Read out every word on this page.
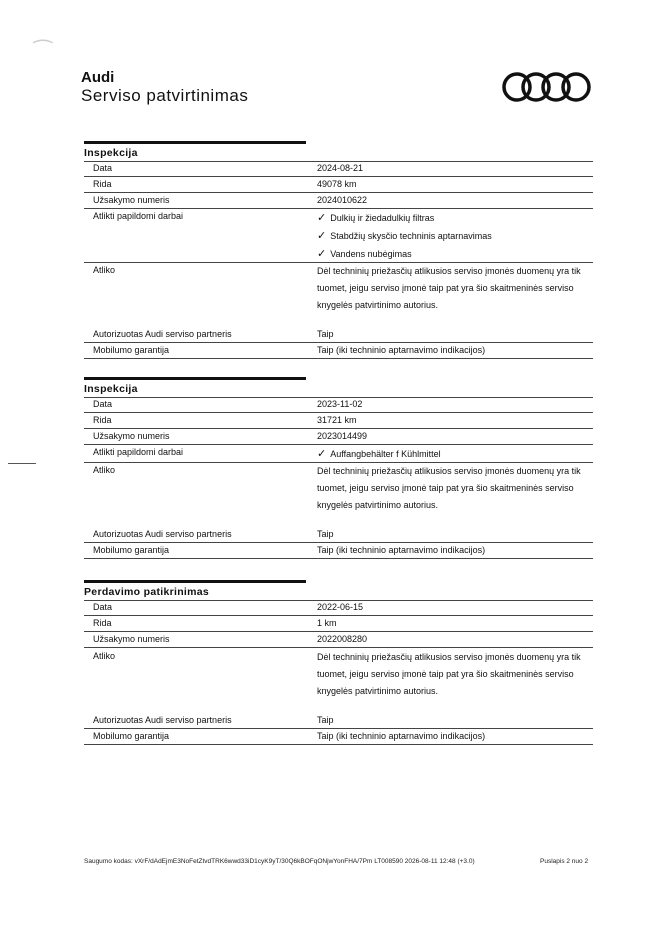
⁀
Audi
Serviso patvirtinimas
Inspekcija
Data	2024-08-21
Rida	49078 km
Užsakymo numeris	2024010622
Atlikti papildomi darbai	✓ Dulkių ir žiedadulkių filtras
✓ Stabdžių skysčio techninis aptarnavimas
✓ Vandens nubėgimas
Atliko	Dėl techninių priežasčių atlikusios serviso įmonės duomenų yra tik
tuomet, jeigu serviso įmonė taip pat yra šio skaitmeninės serviso
knygelės patvirtinimo autorius.
Autorizuotas Audi serviso partneris	Taip
Mobilumo garantija	Taip (iki techninio aptarnavimo indikacijos)
Inspekcija
Data	2023-11-02
Rida	31721 km
Užsakymo numeris	2023014499
Atlikti papildomi darbai	✓ Auffangbehälter f Kühlmittel
Atliko	Dėl techninių priežasčių atlikusios serviso įmonės duomenų yra tik
tuomet, jeigu serviso įmonė taip pat yra šio skaitmeninės serviso
knygelės patvirtinimo autorius.
Autorizuotas Audi serviso partneris	Taip
Mobilumo garantija	Taip (iki techninio aptarnavimo indikacijos)
Perdavimo patikrinimas
Data	2022-06-15
Rida	1 km
Užsakymo numeris	2022008280
Atliko	Dėl techninių priežasčių atlikusios serviso įmonės duomenų yra tik
tuomet, jeigu serviso įmonė taip pat yra šio skaitmeninės serviso
knygelės patvirtinimo autorius.
Autorizuotas Audi serviso partneris	Taip
Mobilumo garantija	Taip (iki techninio aptarnavimo indikacijos)
Saugumo kodas: vXrF/dAdEjmE3NoFetZtvdTRK6wwd33iD1cyK9yT/30Q6kBOFqONjwYonFHA/7Pm LT008590 2026-08-11 12:48 (+3.0)	Puslapis 2 nuo 2
